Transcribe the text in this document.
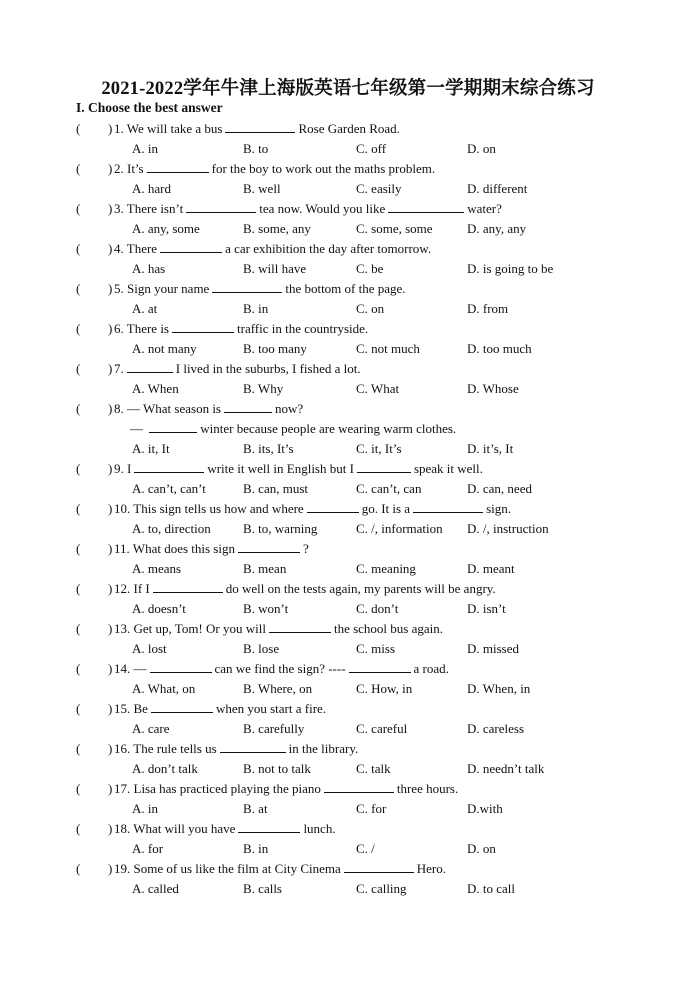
2021-2022学年牛津上海版英语七年级第一学期期末综合练习
I. Choose the best answer
( ) 1. We will take a bus	Rose Garden Road.
A. in	B. to	C. off	D. on
( ) 2. It’s	for the boy to work out the maths problem.
A. hard	B. well	C. easily	D. different
( ) 3. There isn’t	tea now. Would you like	water?
A. any, some	B. some, any	C. some, some	D. any, any
( ) 4. There	a car exhibition the day after tomorrow.
A. has	B. will have	C. be	D. is going to be
( ) 5. Sign your name	the bottom of the page.
A. at	B. in	C. on	D. from
( ) 6. There is	traffic in the countryside.
A. not many	B. too many	C. not much	D. too much
( ) 7.	I lived in the suburbs, I fished a lot.
A. When	B. Why	C. What	D. Whose
( ) 8. — What season is	now?
—	winter because people are wearing warm clothes.
A. it, It	B. its, It’s	C. it, It’s	D. it’s, It
( ) 9. I	write it well in English but I	speak it well.
A. can’t, can’t	B. can, must	C. can’t, can	D. can, need
( ) 10. This sign tells us how and where	go. It is a	sign.
A. to, direction B. to, warning	C. /, information D. /, instruction
( ) 11. What does this sign	?
A. means	B. mean	C. meaning	D. meant
( ) 12. If I	do well on the tests again, my parents will be angry.
A. doesn’t	B. won’t	C. don’t	D. isn’t
( ) 13. Get up, Tom! Or you will	the school bus again.
A. lost	B. lose	C. miss	D. missed
( ) 14. —	can we find the sign? ----	a road.
A. What, on	B. Where, on	C. How, in	D. When, in
( ) 15. Be	when you start a fire.
A. care	B. carefully	C. careful	D. careless
( ) 16. The rule tells us	in the library.
A. don’t talk	B. not to talk	C. talk	D. needn’t talk
( ) 17. Lisa has practiced playing the piano	three hours.
A. in	B. at	C. for	D.with
( ) 18. What will you have	lunch.
A. for	B. in	C. /	D. on
( ) 19. Some of us like the film at City Cinema	Hero.
A. called	B. calls	C. calling	D. to call
